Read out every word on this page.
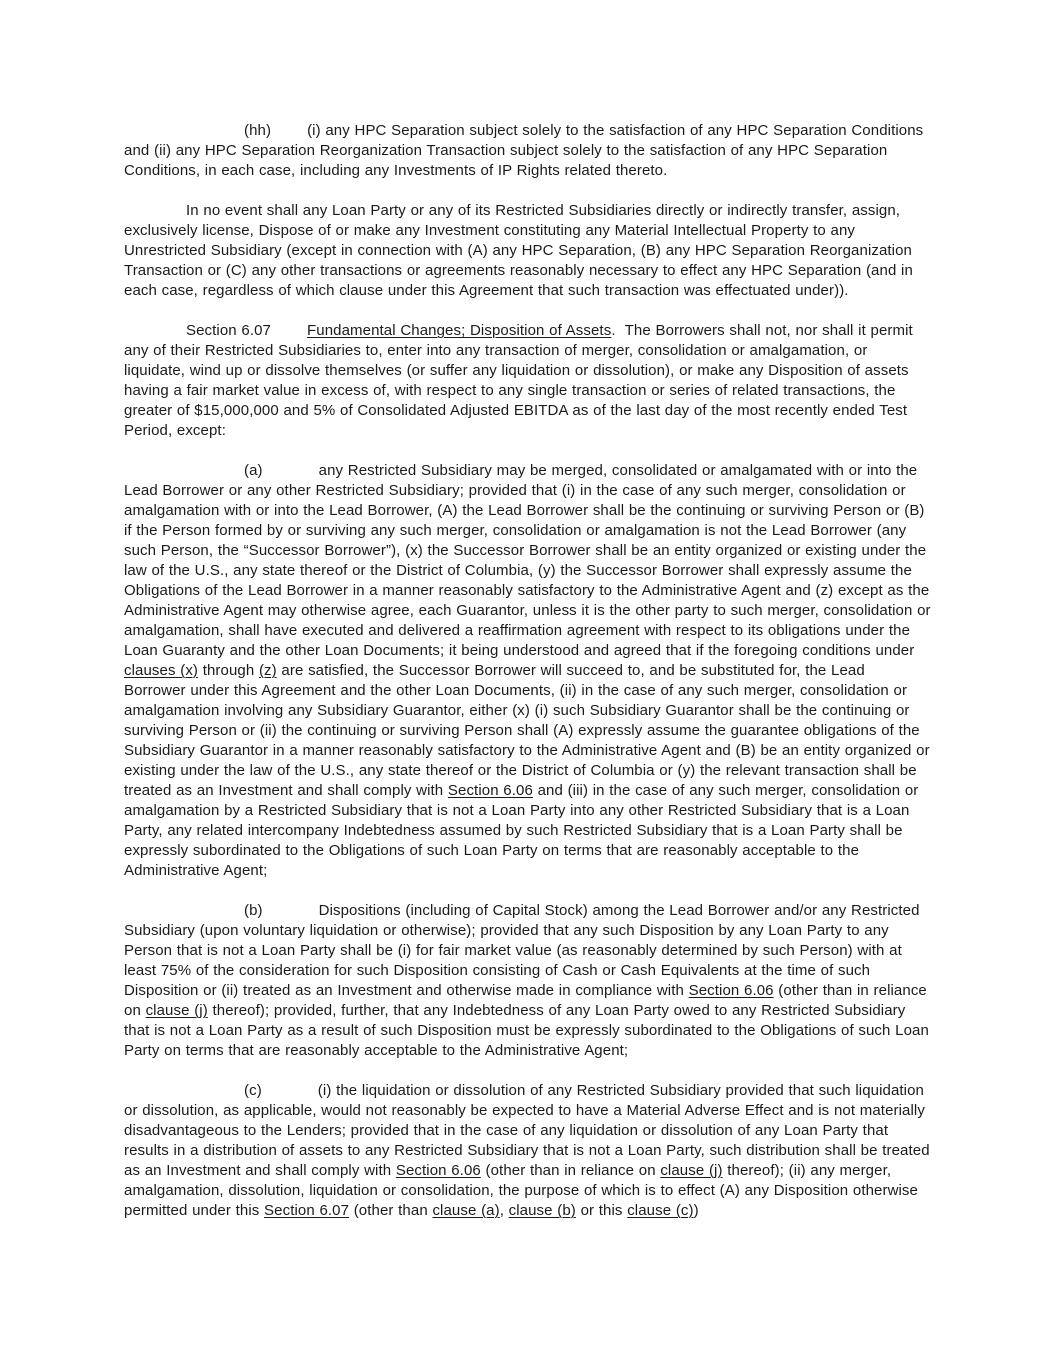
(hh) (i) any HPC Separation subject solely to the satisfaction of any HPC Separation Conditions and (ii) any HPC Separation Reorganization Transaction subject solely to the satisfaction of any HPC Separation Conditions, in each case, including any Investments of IP Rights related thereto.

In no event shall any Loan Party or any of its Restricted Subsidiaries directly or indirectly transfer, assign, exclusively license, Dispose of or make any Investment constituting any Material Intellectual Property to any Unrestricted Subsidiary (except in connection with (A) any HPC Separation, (B) any HPC Separation Reorganization Transaction or (C) any other transactions or agreements reasonably necessary to effect any HPC Separation (and in each case, regardless of which clause under this Agreement that such transaction was effectuated under)).

Section 6.07 Fundamental Changes; Disposition of Assets.  The Borrowers shall not, nor shall it permit any of their Restricted Subsidiaries to, enter into any transaction of merger, consolidation or amalgamation, or liquidate, wind up or dissolve themselves (or suffer any liquidation or dissolution), or make any Disposition of assets having a fair market value in excess of, with respect to any single transaction or series of related transactions, the greater of $15,000,000 and 5% of Consolidated Adjusted EBITDA as of the last day of the most recently ended Test Period, except:

(a)	any Restricted Subsidiary may be merged, consolidated or amalgamated with or into the Lead Borrower or any other Restricted Subsidiary; provided that (i) in the case of any such merger, consolidation or amalgamation with or into the Lead Borrower, (A) the Lead Borrower shall be the continuing or surviving Person or (B) if the Person formed by or surviving any such merger, consolidation or amalgamation is not the Lead Borrower (any such Person, the “Successor Borrower”), (x) the Successor Borrower shall be an entity organized or existing under the law of the U.S., any state thereof or the District of Columbia, (y) the Successor Borrower shall expressly assume the Obligations of the Lead Borrower in a manner reasonably satisfactory to the Administrative Agent and (z) except as the Administrative Agent may otherwise agree, each Guarantor, unless it is the other party to such merger, consolidation or amalgamation, shall have executed and delivered a reaffirmation agreement with respect to its obligations under the Loan Guaranty and the other Loan Documents; it being understood and agreed that if the foregoing conditions under clauses (x) through (z) are satisfied, the Successor Borrower will succeed to, and be substituted for, the Lead Borrower under this Agreement and the other Loan Documents, (ii) in the case of any such merger, consolidation or amalgamation involving any Subsidiary Guarantor, either (x) (i) such Subsidiary Guarantor shall be the continuing or surviving Person or (ii) the continuing or surviving Person shall (A) expressly assume the guarantee obligations of the Subsidiary Guarantor in a manner reasonably satisfactory to the Administrative Agent and (B) be an entity organized or existing under the law of the U.S., any state thereof or the District of Columbia or (y) the relevant transaction shall be treated as an Investment and shall comply with Section 6.06 and (iii) in the case of any such merger, consolidation or amalgamation by a Restricted Subsidiary that is not a Loan Party into any other Restricted Subsidiary that is a Loan Party, any related intercompany Indebtedness assumed by such Restricted Subsidiary that is a Loan Party shall be expressly subordinated to the Obligations of such Loan Party on terms that are reasonably acceptable to the Administrative Agent;

(b)	Dispositions (including of Capital Stock) among the Lead Borrower and/or any Restricted Subsidiary (upon voluntary liquidation or otherwise); provided that any such Disposition by any Loan Party to any Person that is not a Loan Party shall be (i) for fair market value (as reasonably determined by such Person) with at least 75% of the consideration for such Disposition consisting of Cash or Cash Equivalents at the time of such Disposition or (ii) treated as an Investment and otherwise made in compliance with Section 6.06 (other than in reliance on clause (j) thereof); provided, further, that any Indebtedness of any Loan Party owed to any Restricted Subsidiary that is not a Loan Party as a result of such Disposition must be expressly subordinated to the Obligations of such Loan Party on terms that are reasonably acceptable to the Administrative Agent;

(c)	(i) the liquidation or dissolution of any Restricted Subsidiary provided that such liquidation or dissolution, as applicable, would not reasonably be expected to have a Material Adverse Effect and is not materially disadvantageous to the Lenders; provided that in the case of any liquidation or dissolution of any Loan Party that results in a distribution of assets to any Restricted Subsidiary that is not a Loan Party, such distribution shall be treated as an Investment and shall comply with Section 6.06 (other than in reliance on clause (j) thereof); (ii) any merger, amalgamation, dissolution, liquidation or consolidation, the purpose of which is to effect (A) any Disposition otherwise permitted under this Section 6.07 (other than clause (a), clause (b) or this clause (c))
